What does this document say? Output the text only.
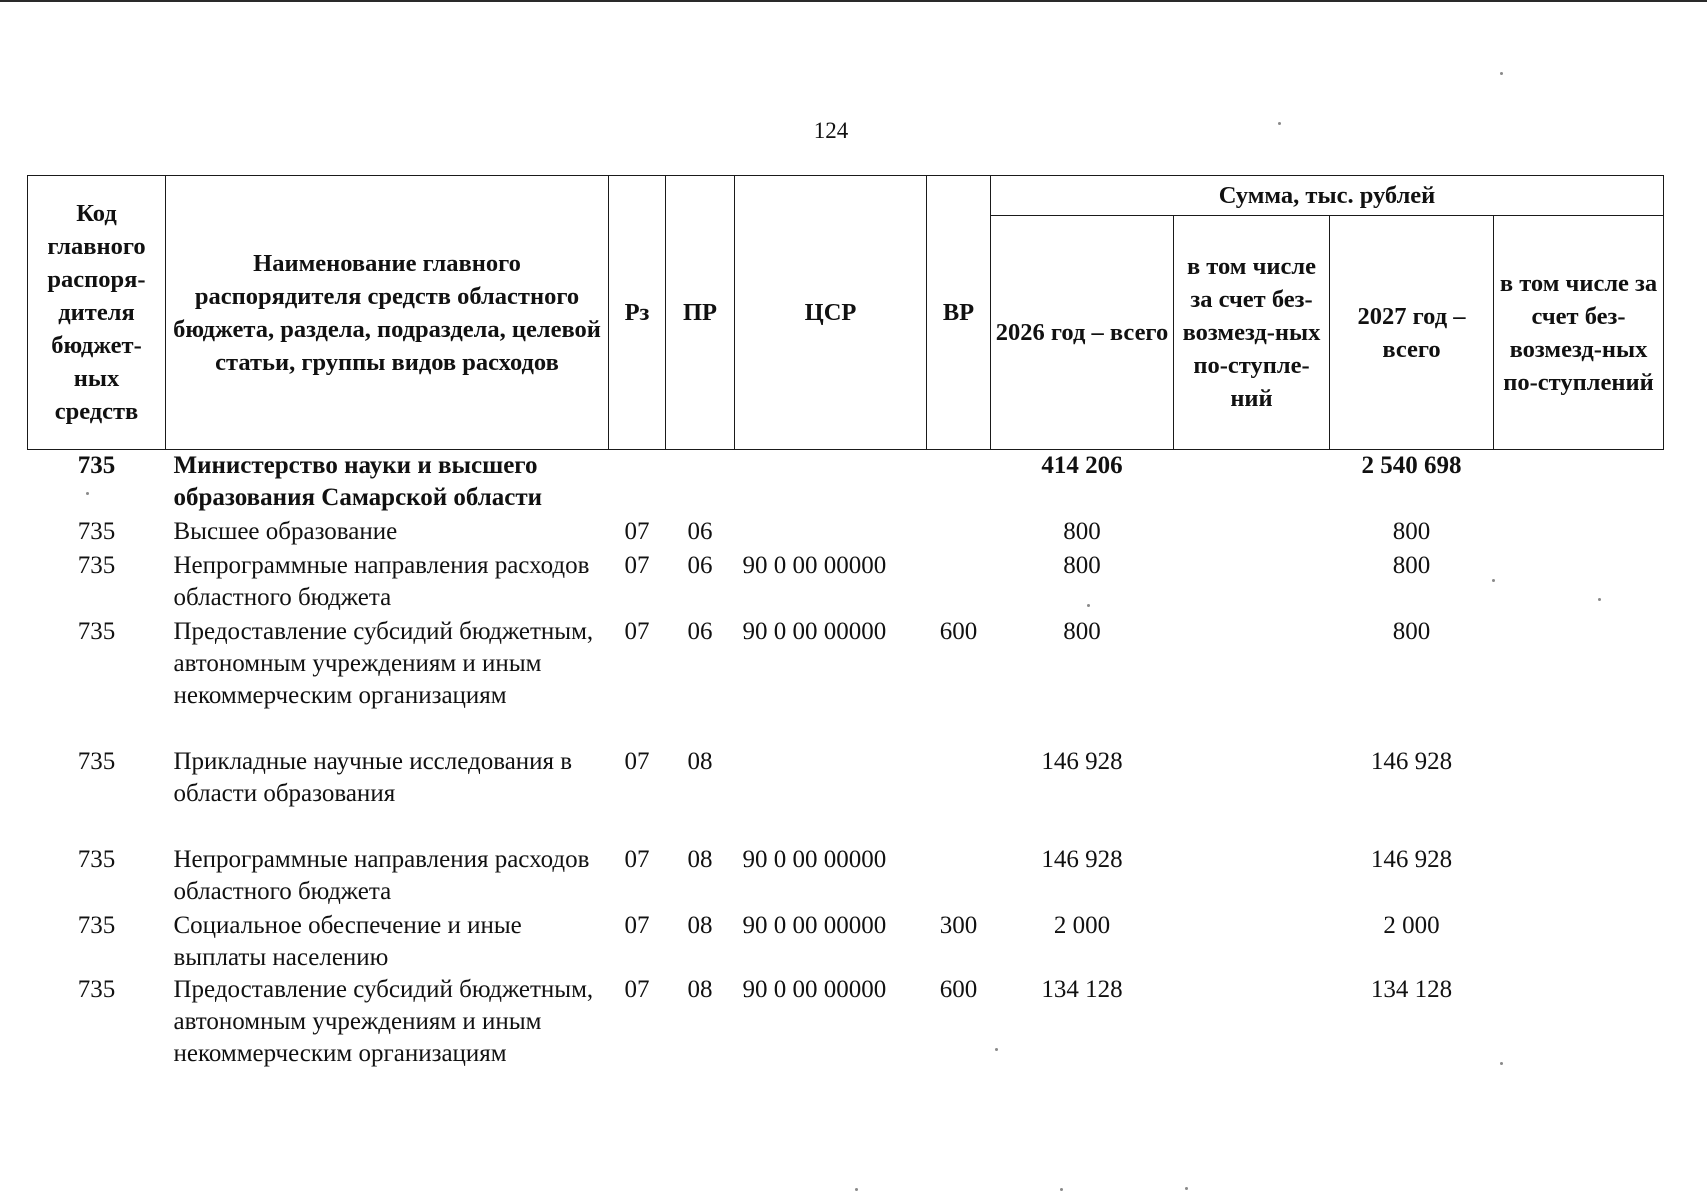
124
Код главного распоря-дителя бюджет-ных средств	Наименование главного распорядителя средств областного бюджета, раздела, подраздела, целевой статьи, группы видов расходов	Рз	ПР	ЦСР	ВР	Сумма, тыс. рублей			
						2026 год – всего	в том числе за счет без-возмезд-ных по-ступле-ний	2027 год – всего	в том числе за счет без-возмезд-ных по-ступлений
735	Министерство науки и высшего образования Самарской области					414 206		2 540 698	
735	Высшее образование	07	06			800		800	
735	Непрограммные направления расходов областного бюджета	07	06	90 0 00 00000		800		800	
735	Предоставление субсидий бюджетным, автономным учреждениям и иным некоммерческим организациям	07	06	90 0 00 00000	600	800		800	
735	Прикладные научные исследования в области образования	07	08			146 928		146 928	
735	Непрограммные направления расходов областного бюджета	07	08	90 0 00 00000		146 928		146 928	
735	Социальное обеспечение и иные выплаты населению	07	08	90 0 00 00000	300	2 000		2 000	
735	Предоставление субсидий бюджетным, автономным учреждениям и иным некоммерческим организациям	07	08	90 0 00 00000	600	134 128		134 128	
